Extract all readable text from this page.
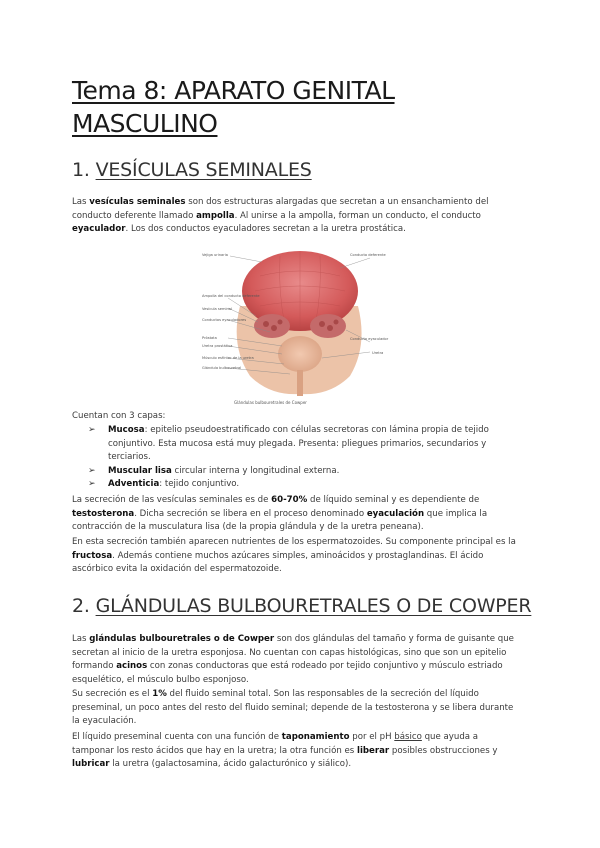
Tema 8: APARATO GENITAL MASCULINO
1. VESÍCULAS SEMINALES

Las vesículas seminales son dos estructuras alargadas que secretan a un ensanchamiento del conducto deferente llamado ampolla. Al unirse a la ampolla, forman un conducto, el conducto eyaculador. Los dos conductos eyaculadores secretan a la uretra prostática.

Vejiga urinaria	Conducto deferente
Ampolla del conducto deferente
Vesícula seminal
Conductos eyaculadores
Próstata
Uretra prostática
Músculo esfínter de la uretra
Glándula bulbouretral
Conducto eyaculador
Uretra
Glándulas bulbouretrales de Cowper

Cuentan con 3 capas:

➢ Mucosa: epitelio pseudoestratificado con células secretoras con lámina propia de tejido conjuntivo. Esta mucosa está muy plegada. Presenta: pliegues primarios, secundarios y terciarios.
➢ Muscular lisa circular interna y longitudinal externa.
➢ Adventicia: tejido conjuntivo.

La secreción de las vesículas seminales es de 60-70% de líquido seminal y es dependiente de testosterona. Dicha secreción se libera en el proceso denominado eyaculación que implica la contracción de la musculatura lisa (de la propia glándula y de la uretra peneana).

En esta secreción también aparecen nutrientes de los espermatozoides. Su componente principal es la fructosa. Además contiene muchos azúcares simples, aminoácidos y prostaglandinas. El ácido ascórbico evita la oxidación del espermatozoide.

2. GLÁNDULAS BULBOURETRALES O DE COWPER

Las glándulas bulbouretrales o de Cowper son dos glándulas del tamaño y forma de guisante que secretan al inicio de la uretra esponjosa. No cuentan con capas histológicas, sino que son un epitelio formando acinos con zonas conductoras que está rodeado por tejido conjuntivo y músculo estriado esquelético, el músculo bulbo esponjoso.

Su secreción es el 1% del fluido seminal total. Son las responsables de la secreción del líquido preseminal, un poco antes del resto del fluido seminal; depende de la testosterona y se libera durante la eyaculación.

El líquido preseminal cuenta con una función de taponamiento por el pH básico que ayuda a tamponar los resto ácidos que hay en la uretra; la otra función es liberar posibles obstrucciones y lubricar la uretra (galactosamina, ácido galacturónico y siálico).
